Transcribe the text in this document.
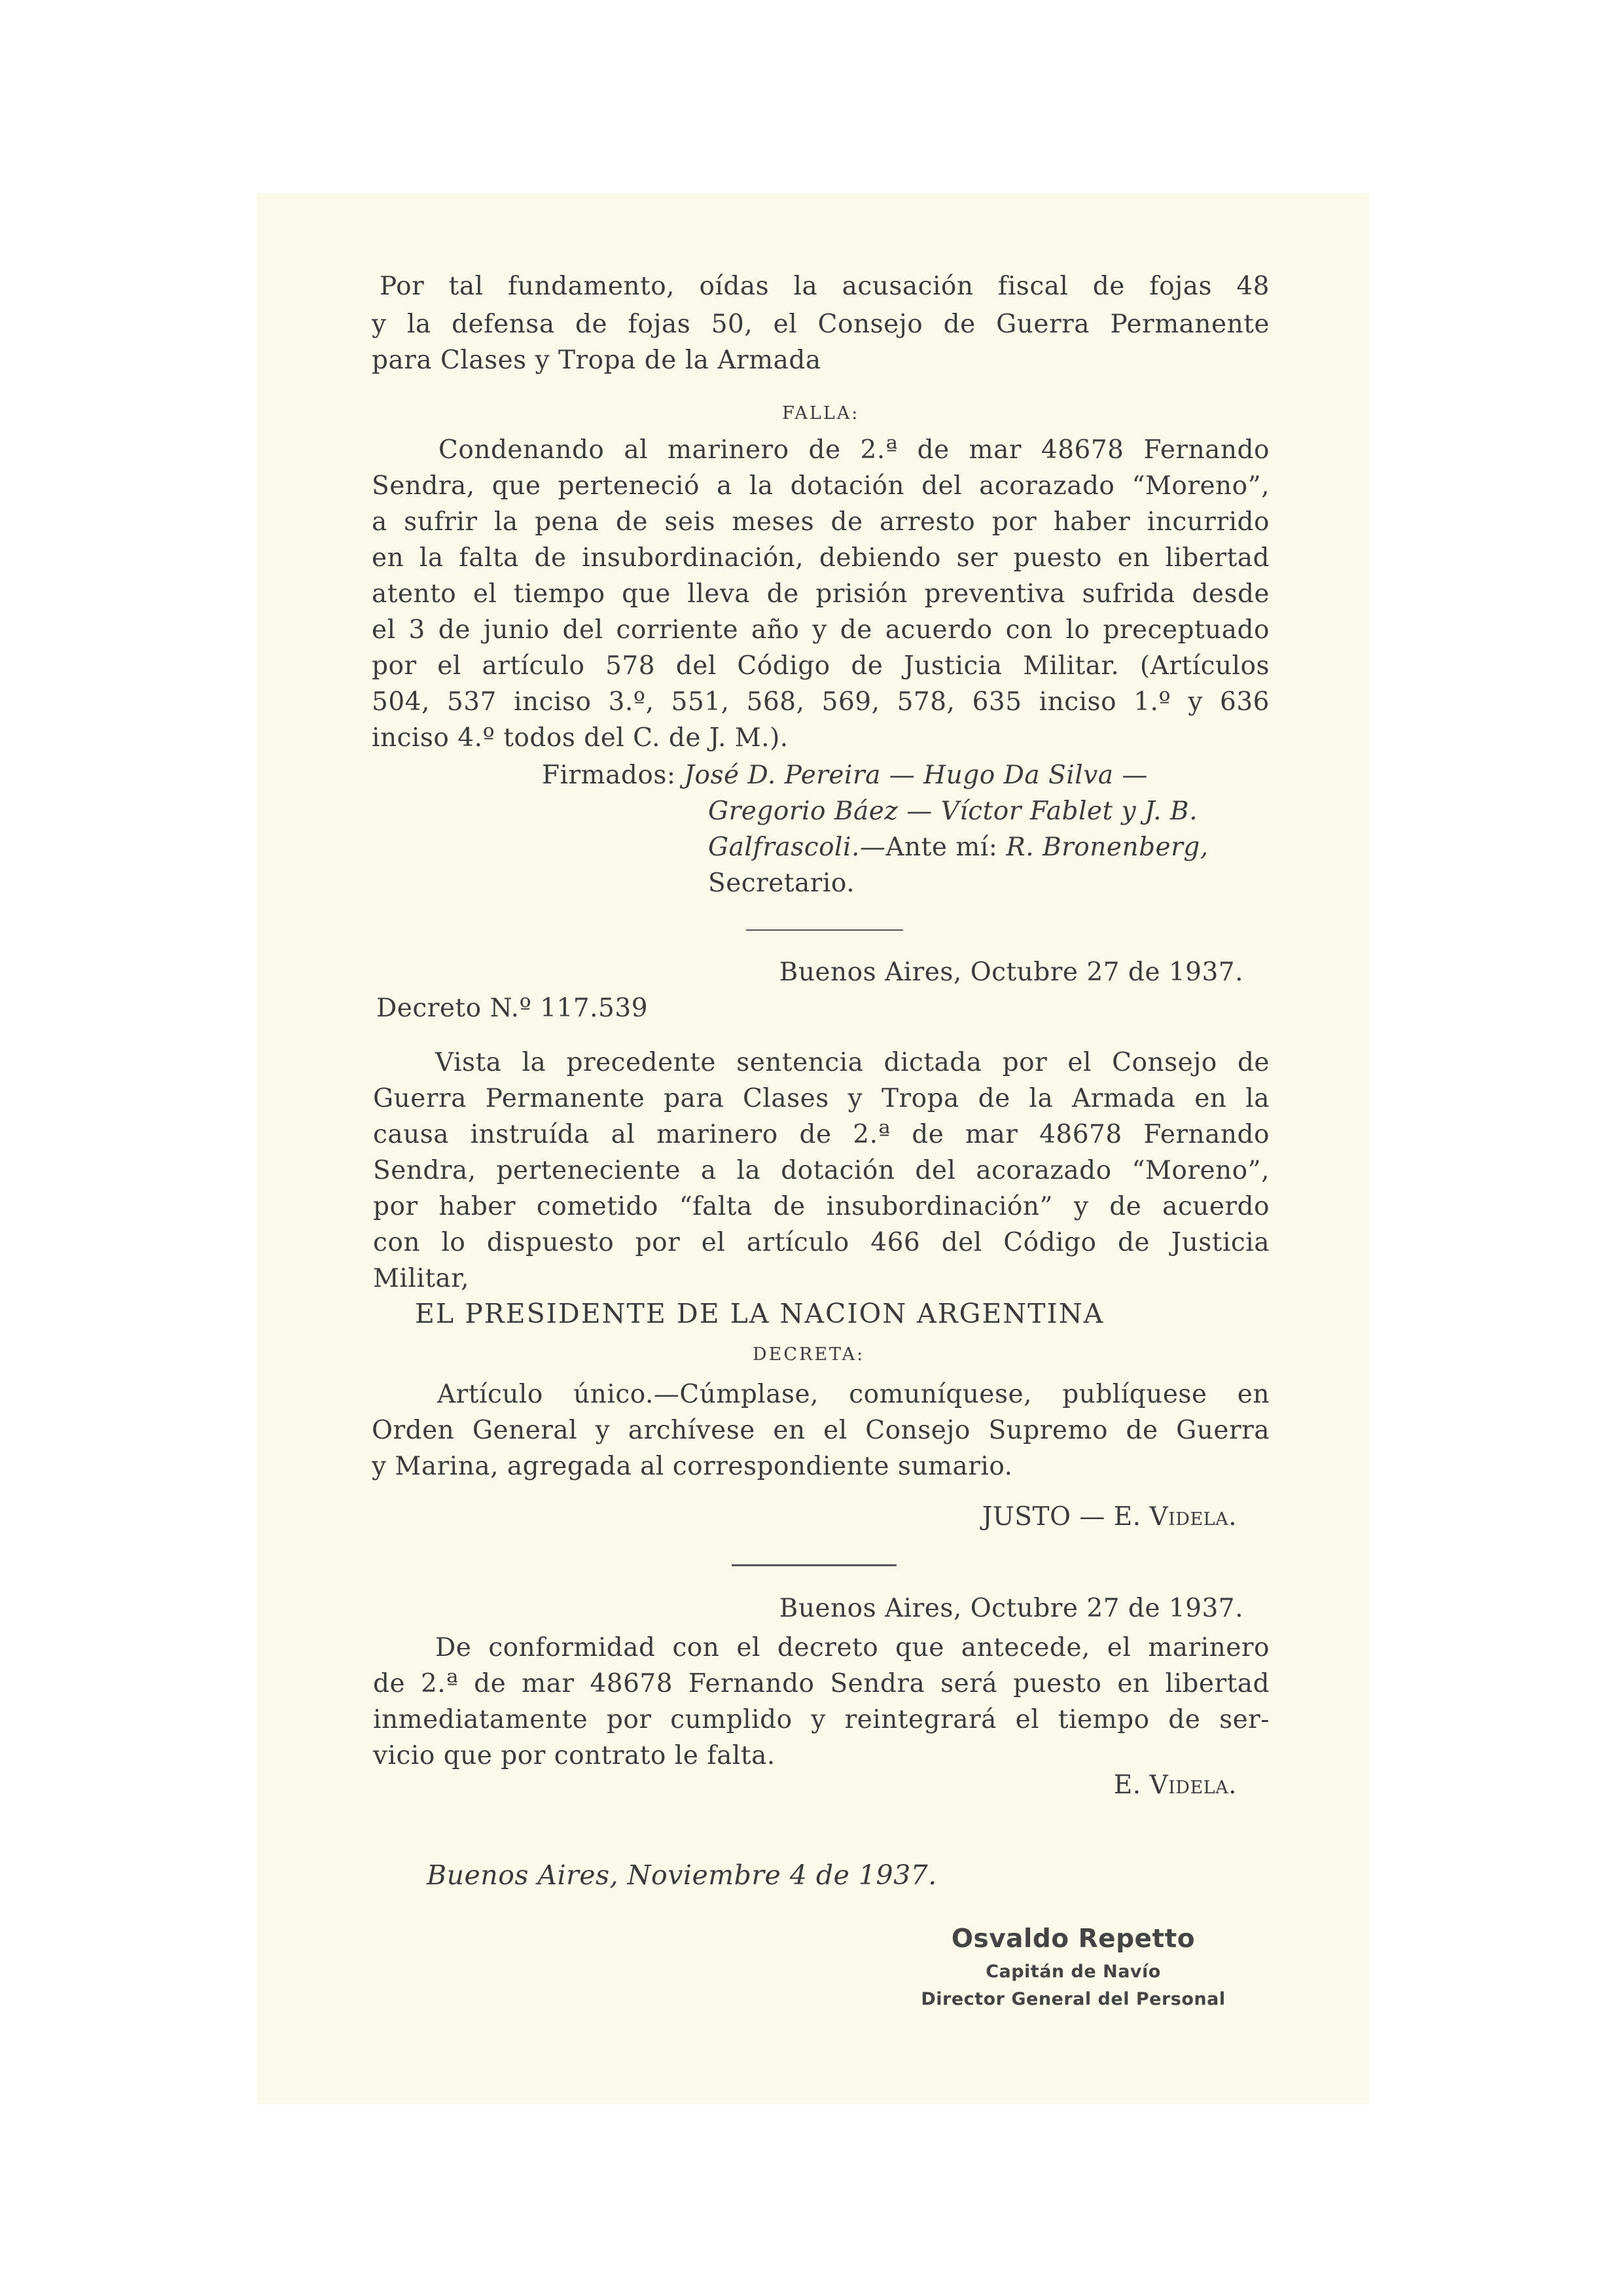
Por tal fundamento, oídas la acusación fiscal de fojas 48
y la defensa de fojas 50, el Consejo de Guerra Permanente
para Clases y Tropa de la Armada
FALLA:
Condenando al marinero de 2.ª de mar 48678 Fernando
Sendra, que perteneció a la dotación del acorazado “Moreno”,
a sufrir la pena de seis meses de arresto por haber incurrido
en la falta de insubordinación, debiendo ser puesto en libertad
atento el tiempo que lleva de prisión preventiva sufrida desde
el 3 de junio del corriente año y de acuerdo con lo preceptuado
por el artículo 578 del Código de Justicia Militar. (Artículos
504, 537 inciso 3.º, 551, 568, 569, 578, 635 inciso 1.º y 636
inciso 4.º todos del C. de J. M.).
Firmados: José D. Pereira — Hugo Da Silva —
Gregorio Báez — Víctor Fablet y J. B.
Galfrascoli.—Ante mí: R. Bronenberg,
Secretario.
Buenos Aires, Octubre 27 de 1937.
Decreto N.º 117.539
Vista la precedente sentencia dictada por el Consejo de
Guerra Permanente para Clases y Tropa de la Armada en la
causa instruída al marinero de 2.ª de mar 48678 Fernando
Sendra, perteneciente a la dotación del acorazado “Moreno”,
por haber cometido “falta de insubordinación” y de acuerdo
con lo dispuesto por el artículo 466 del Código de Justicia
Militar,
EL PRESIDENTE DE LA NACION ARGENTINA
DECRETA:
Artículo único.—Cúmplase, comuníquese, publíquese en
Orden General y archívese en el Consejo Supremo de Guerra
y Marina, agregada al correspondiente sumario.
JUSTO — E. Videla.
Buenos Aires, Octubre 27 de 1937.
De conformidad con el decreto que antecede, el marinero
de 2.ª de mar 48678 Fernando Sendra será puesto en libertad
inmediatamente por cumplido y reintegrará el tiempo de ser-
vicio que por contrato le falta.
E. Videla.
Buenos Aires, Noviembre 4 de 1937.
Osvaldo Repetto
Capitán de Navío
Director General del Personal
